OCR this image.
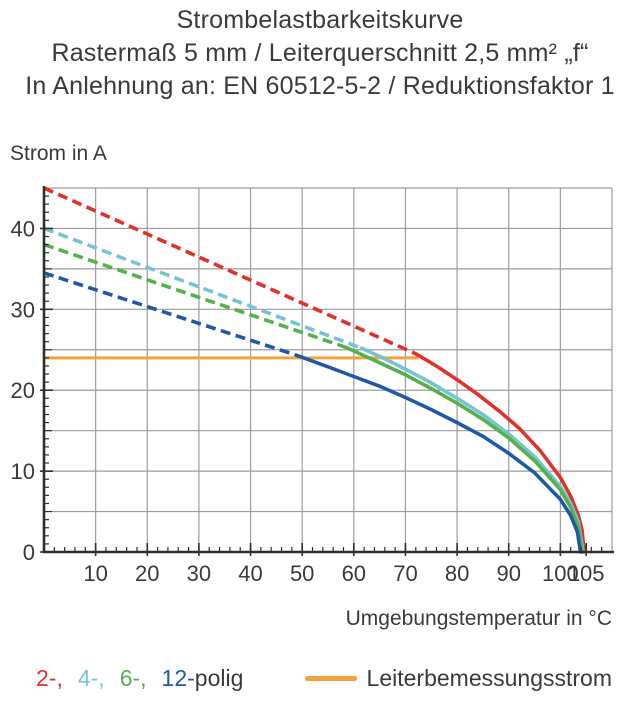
Strombelastbarkeitskurve
Rastermaß 5 mm / Leiterquerschnitt 2,5 mm² „f“
In Anlehnung an: EN 60512-5-2 / Reduktionsfaktor 1
Strom in A
10 20 30 40 50 60 70 80 90 100
105
0
10
20
30
40
Umgebungstemperatur in °C
2-, 4-, 6-, 12- polig	Leiterbemessungsstrom
